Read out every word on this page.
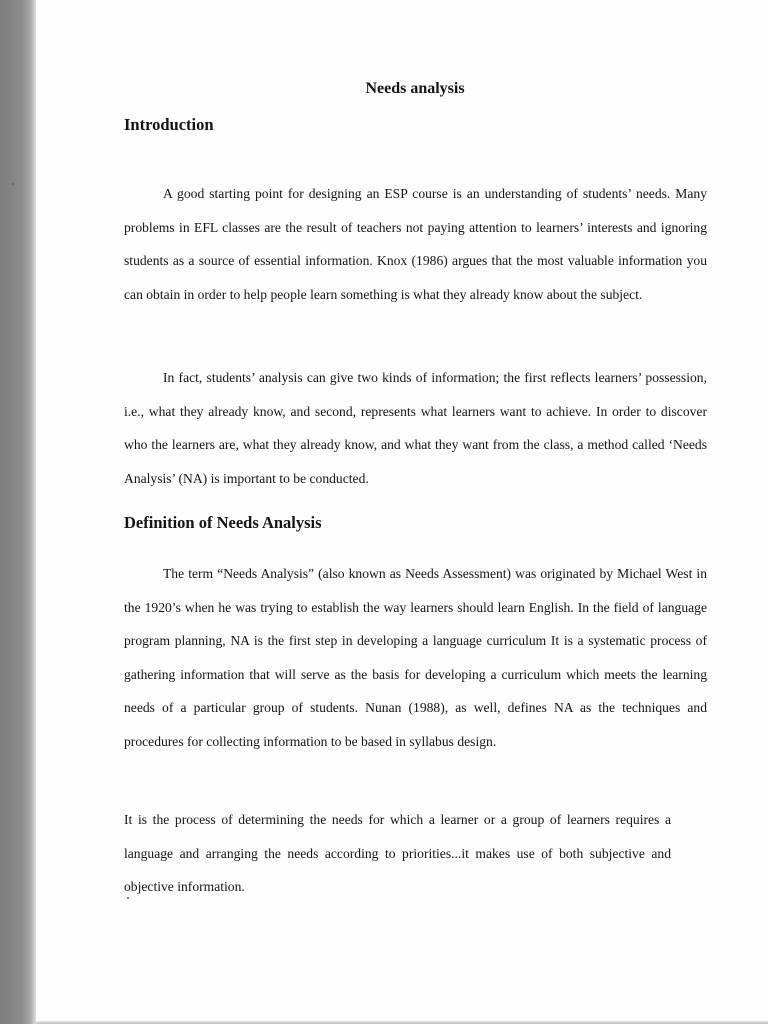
Needs analysis
Introduction

A good starting point for designing an ESP course is an understanding of students’ needs. Many problems in EFL classes are the result of teachers not paying attention to learners’ interests and ignoring students as a source of essential information. Knox (1986) argues that the most valuable information you can obtain in order to help people learn something is what they already know about the subject.

In fact, students’ analysis can give two kinds of information; the first reflects learners’ possession, i.e., what they already know, and second, represents what learners want to achieve. In order to discover who the learners are, what they already know, and what they want from the class, a method called ‘Needs Analysis’ (NA) is important to be conducted.

Definition of Needs Analysis

The term “Needs Analysis” (also known as Needs Assessment) was originated by Michael West in the 1920’s when he was trying to establish the way learners should learn English. In the field of language program planning, NA is the first step in developing a language curriculum It is a systematic process of gathering information that will serve as the basis for developing a curriculum which meets the learning needs of a particular group of students. Nunan (1988), as well, defines NA as the techniques and procedures for collecting information to be based in syllabus design.

It is the process of determining the needs for which a learner or a group of learners requires a language and arranging the needs according to priorities...it makes use of both subjective and objective information.
